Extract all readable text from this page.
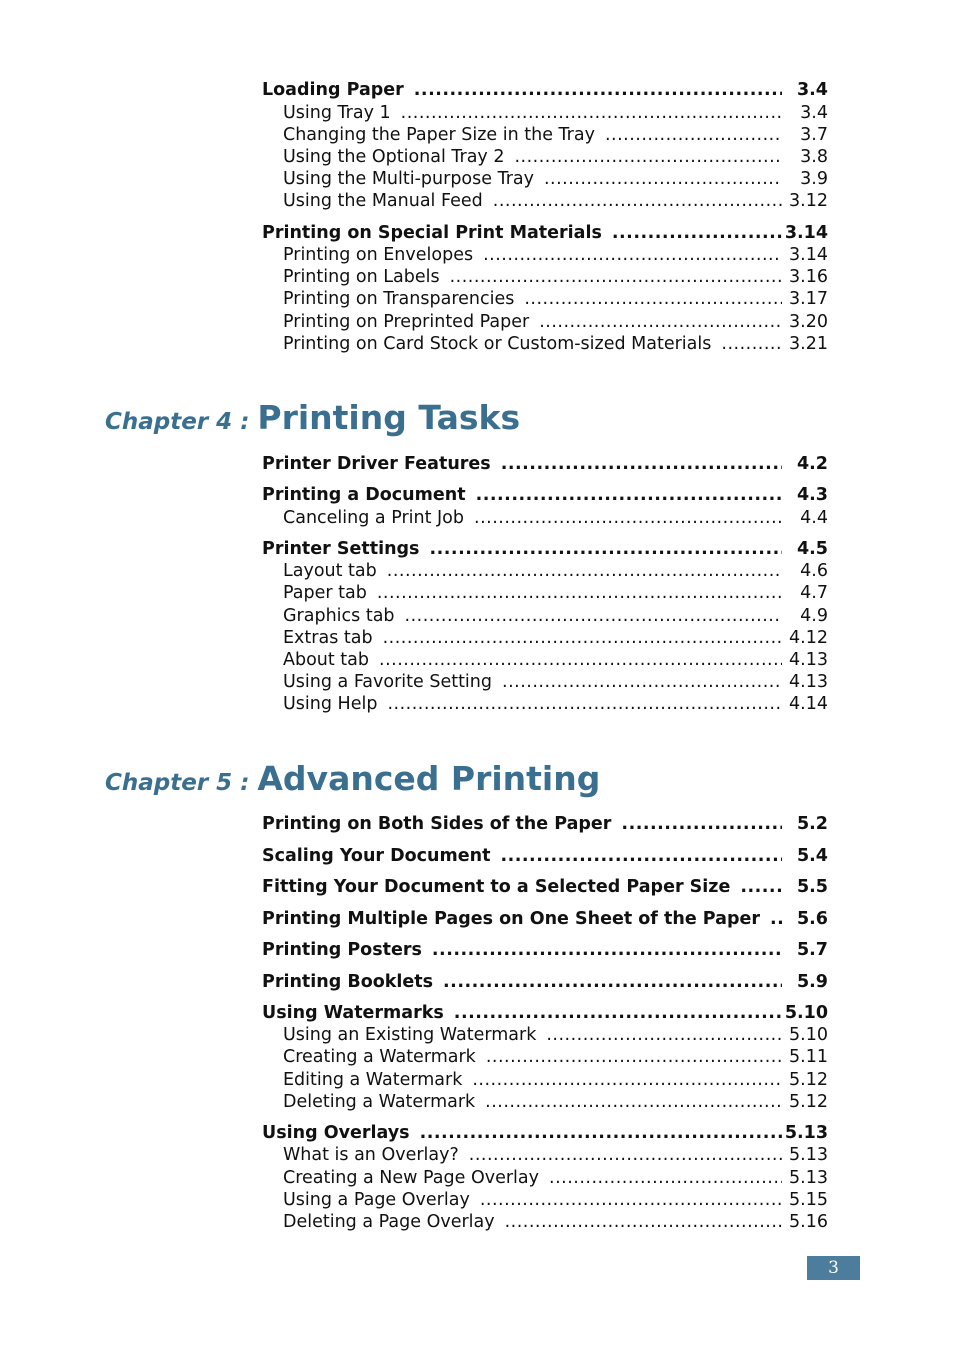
Loading Paper .....	3.4
Using Tray 1 .....	3.4
Changing the Paper Size in the Tray .....	3.7
Using the Optional Tray 2 .....	3.8
Using the Multi-purpose Tray .....	3.9
Using the Manual Feed .....	3.12
Printing on Special Print Materials .....	3.14
Printing on Envelopes .....	3.14
Printing on Labels .....	3.16
Printing on Transparencies .....	3.17
Printing on Preprinted Paper .....	3.20
Printing on Card Stock or Custom-sized Materials .....	3.21
Chapter 4 : Printing Tasks
Printer Driver Features .....	4.2
Printing a Document .....	4.3
Canceling a Print Job .....	4.4
Printer Settings .....	4.5
Layout tab .....	4.6
Paper tab .....	4.7
Graphics tab .....	4.9
Extras tab .....	4.12
About tab .....	4.13
Using a Favorite Setting .....	4.13
Using Help .....	4.14
Chapter 5 : Advanced Printing
Printing on Both Sides of the Paper .....	5.2
Scaling Your Document .....	5.4
Fitting Your Document to a Selected Paper Size .....	5.5
Printing Multiple Pages on One Sheet of the Paper .....	5.6
Printing Posters .....	5.7
Printing Booklets .....	5.9
Using Watermarks .....	5.10
Using an Existing Watermark .....	5.10
Creating a Watermark .....	5.11
Editing a Watermark .....	5.12
Deleting a Watermark .....	5.12
Using Overlays .....	5.13
What is an Overlay? .....	5.13
Creating a New Page Overlay .....	5.13
Using a Page Overlay .....	5.15
Deleting a Page Overlay .....	5.16
3
